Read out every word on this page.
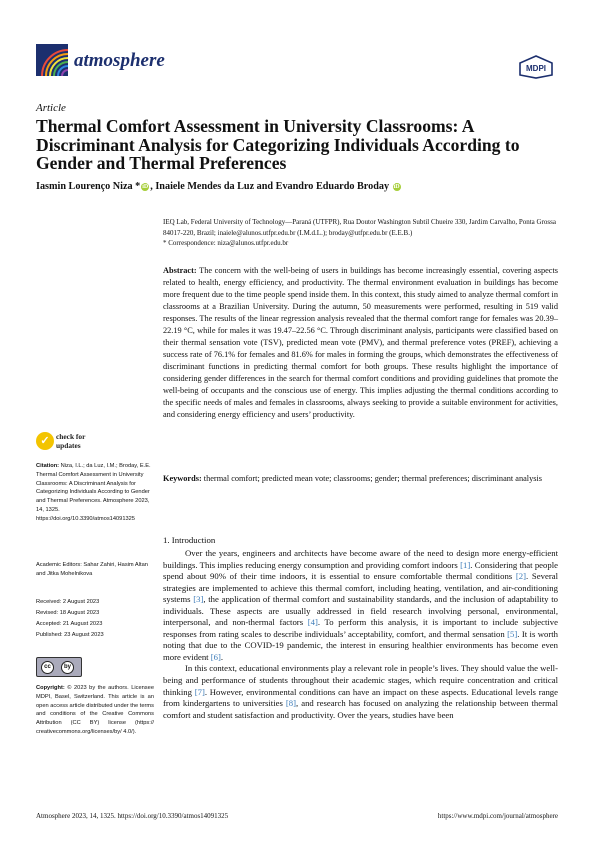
atmosphere	MDPI
Article
Thermal Comfort Assessment in University Classrooms: A Discriminant Analysis for Categorizing Individuals According to Gender and Thermal Preferences
Iasmin Lourenço Niza * iD , Inaiele Mendes da Luz and Evandro Eduardo Broday iD
IEQ Lab, Federal University of Technology—Paraná (UTFPR), Rua Doutor Washington Subtil Chueire 330, Jardim Carvalho, Ponta Grossa 84017-220, Brazil; inaiele@alunos.utfpr.edu.br (I.M.d.L.); broday@utfpr.edu.br (E.E.B.)
* Correspondence: niza@alunos.utfpr.edu.br

Abstract: The concern with the well-being of users in buildings has become increasingly essential, covering aspects related to health, energy efficiency, and productivity. The thermal environment evaluation in buildings has become more frequent due to the time people spend inside them. In this context, this study aimed to analyze thermal comfort in classrooms at a Brazilian University. During the autumn, 50 measurements were performed, resulting in 519 valid responses. The results of the linear regression analysis revealed that the thermal comfort range for females was 20.39–22.19 °C, while for males it was 19.47–22.56 °C. Through discriminant analysis, participants were classified based on their thermal sensation vote (TSV), predicted mean vote (PMV), and thermal preference votes (PREF), achieving a success rate of 76.1% for females and 81.6% for males in forming the groups, which demonstrates the effectiveness of discriminant functions in predicting thermal comfort for both groups. These results highlight the importance of considering gender differences in the search for thermal comfort conditions and providing guidelines that promote the well-being of occupants and the conscious use of energy. This implies adjusting the thermal conditions according to the specific needs of males and females in classrooms, always seeking to provide a suitable environment for activities, and considering energy efficiency and users’ productivity.

Keywords: thermal comfort; predicted mean vote; classrooms; gender; thermal preferences; discriminant analysis

✓ check for
updates
Citation: Niza, I.L.; da Luz, I.M.; Broday, E.E. Thermal Comfort Assessment in University Classrooms: A Discriminant Analysis for Categorizing Individuals According to Gender and Thermal Preferences. Atmosphere 2023, 14, 1325. https://doi.org/10.3390/atmos14091325
Academic Editors: Sahar Zahiri, Hasim Altan and Jitka Mohelnikova
Received: 2 August 2023
Revised: 18 August 2023
Accepted: 21 August 2023
Published: 23 August 2023
cc	by
Copyright: © 2023 by the authors. Licensee MDPI, Basel, Switzerland. This article is an open access article distributed under the terms and conditions of the Creative Commons Attribution (CC BY) license (https:// creativecommons.org/licenses/by/ 4.0/).
1. Introduction

Over the years, engineers and architects have become aware of the need to design more energy-efficient buildings. This implies reducing energy consumption and providing comfort indoors [1]. Considering that people spend about 90% of their time indoors, it is essential to ensure comfortable thermal conditions [2]. Several strategies are implemented to achieve this thermal comfort, including heating, ventilation, and air-conditioning systems [3], the application of thermal comfort and sustainability standards, and the inclusion of adaptability to individuals. These aspects are usually addressed in field research involving personal, environmental, interpersonal, and non-thermal factors [4]. To perform this analysis, it is important to include subjective responses from rating scales to describe individuals’ acceptability, comfort, and thermal sensation [5]. It is worth noting that due to the COVID-19 pandemic, the interest in ensuring healthier environments has become even more evident [6].

In this context, educational environments play a relevant role in people’s lives. They should value the well-being and performance of students throughout their academic stages, which require concentration and critical thinking [7]. However, environmental conditions can have an impact on these aspects. Educational levels range from kindergartens to universities [8], and research has focused on analyzing the relationship between thermal comfort and student satisfaction and productivity. Over the years, studies have been

Atmosphere 2023, 14, 1325. https://doi.org/10.3390/atmos14091325	https://www.mdpi.com/journal/atmosphere
